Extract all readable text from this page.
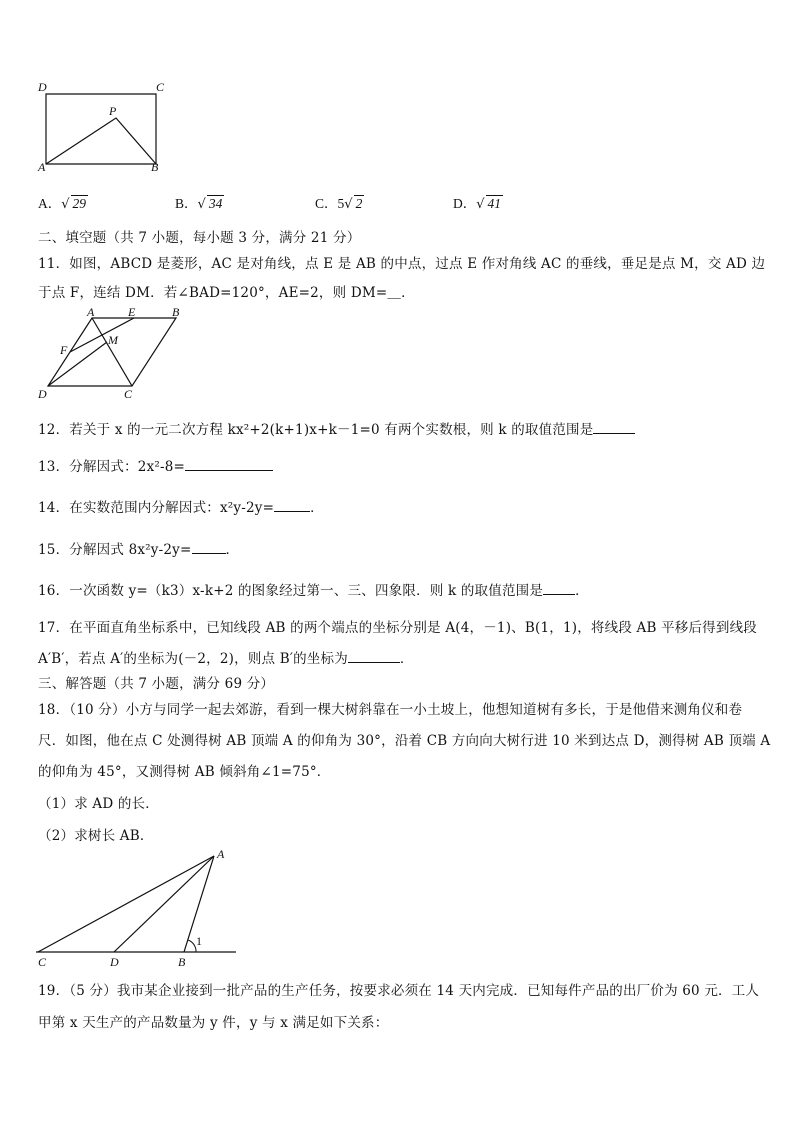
D	C
A	B
P
A．√ 29	B．√ 34	C．5√ 2	D．√ 41
二、填空题（共 7 小题，每小题 3 分，满分 21 分）
11．如图，ABCD 是菱形，AC 是对角线，点 E 是 AB 的中点，过点 E 作对角线 AC 的垂线，垂足是点 M，交 AD 边
于点 F，连结 DM．若∠BAD=120°，AE=2，则 DM=＿．
A	E	B
F
M
D	C
12．若关于 x 的一元二次方程 kx²+2(k+1)x+k－1=0 有两个实数根，则 k 的取值范围是
13．分解因式：2x²-8=
14．在实数范围内分解因式：x²y-2y=	．
15．分解因式 8x²y-2y=	．
16．一次函数 y=（k3）x-k+2 的图象经过第一、三、四象限．则 k 的取值范围是 ．
17．在平面直角坐标系中，已知线段 AB 的两个端点的坐标分别是 A(4，－1)、B(1，1)，将线段 AB 平移后得到线段
A′B′，若点 A′的坐标为(－2，2)，则点 B′的坐标为	．
三、解答题（共 7 小题，满分 69 分）
18．（10 分）小方与同学一起去郊游，看到一棵大树斜靠在一小土坡上，他想知道树有多长，于是他借来测角仪和卷
尺．如图，他在点 C 处测得树 AB 顶端 A 的仰角为 30°，沿着 CB 方向向大树行进 10 米到达点 D，测得树 AB 顶端 A
的仰角为 45°，又测得树 AB 倾斜角∠1=75°．
（1）求 AD 的长．
（2）求树长 AB．
A
C	D	B
1
19．（5 分）我市某企业接到一批产品的生产任务，按要求必须在 14 天内完成．已知每件产品的出厂价为 60 元．工人
甲第 x 天生产的产品数量为 y 件，y 与 x 满足如下关系：
